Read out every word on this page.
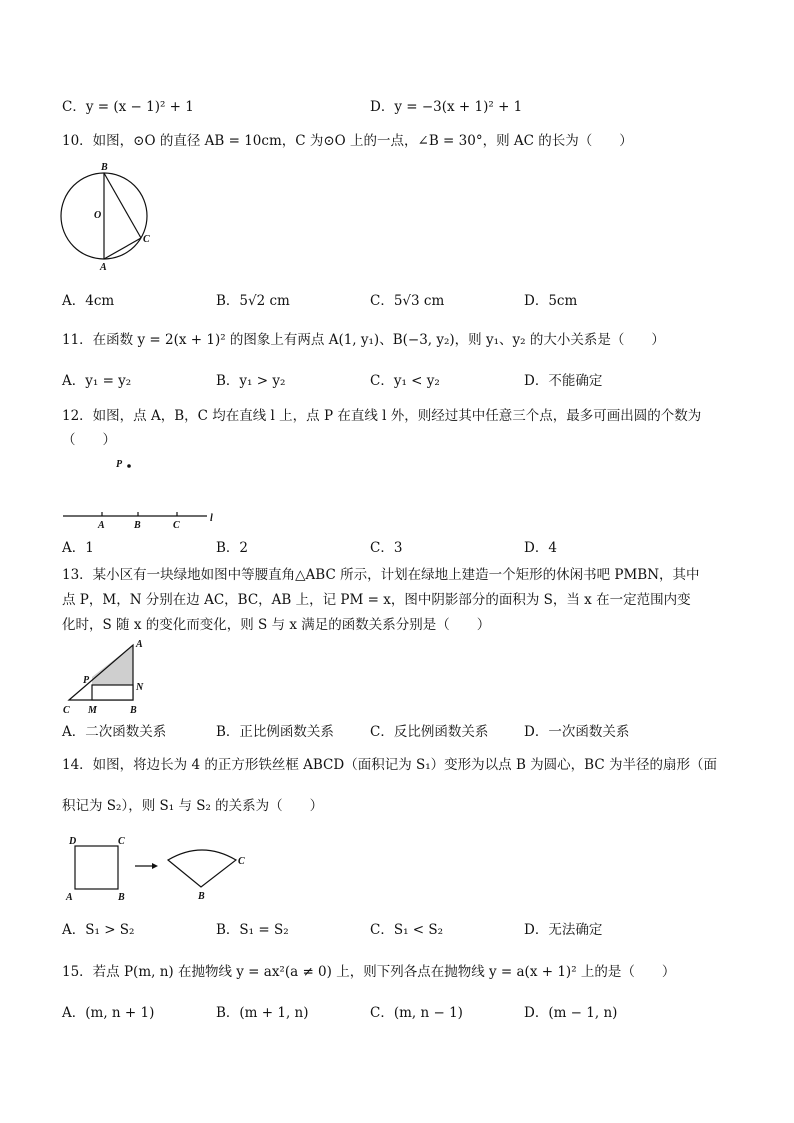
C．y = (x − 1)² + 1	D．y = −3(x + 1)² + 1
10．如图，⊙O 的直径 AB = 10cm，C 为⊙O 上的一点，∠B = 30°，则 AC 的长为（　　）
B
O
C
A
A．4cm	B．5√2 cm	C．5√3 cm	D．5cm
11．在函数 y = 2(x + 1)² 的图象上有两点 A(1, y₁)、B(−3, y₂)，则 y₁、y₂ 的大小关系是（　　）
A．y₁ = y₂	B．y₁ > y₂	C．y₁ < y₂	D．不能确定
12．如图，点 A，B，C 均在直线 l 上，点 P 在直线 l 外，则经过其中任意三个点，最多可画出圆的个数为
（　　）
P
A	B	C
l
A．1	B．2	C．3	D．4
13．某小区有一块绿地如图中等腰直角△ABC 所示，计划在绿地上建造一个矩形的休闲书吧 PMBN，其中
点 P，M，N 分别在边 AC，BC，AB 上，记 PM = x，图中阴影部分的面积为 S，当 x 在一定范围内变
化时，S 随 x 的变化而变化，则 S 与 x 满足的函数关系分别是（　　）
A
P
N
C M	B
A．二次函数关系	B．正比例函数关系	C．反比例函数关系	D．一次函数关系
14．如图，将边长为 4 的正方形铁丝框 ABCD（面积记为 S₁）变形为以点 B 为圆心，BC 为半径的扇形（面
积记为 S₂），则 S₁ 与 S₂ 的关系为（　　）
D	C
A	B
C
B
A．S₁ > S₂	B．S₁ = S₂	C．S₁ < S₂	D．无法确定
15．若点 P(m, n) 在抛物线 y = ax²(a ≠ 0) 上，则下列各点在抛物线 y = a(x + 1)² 上的是（　　）
A．(m, n + 1)	B．(m + 1, n)	C．(m, n − 1)	D．(m − 1, n)
